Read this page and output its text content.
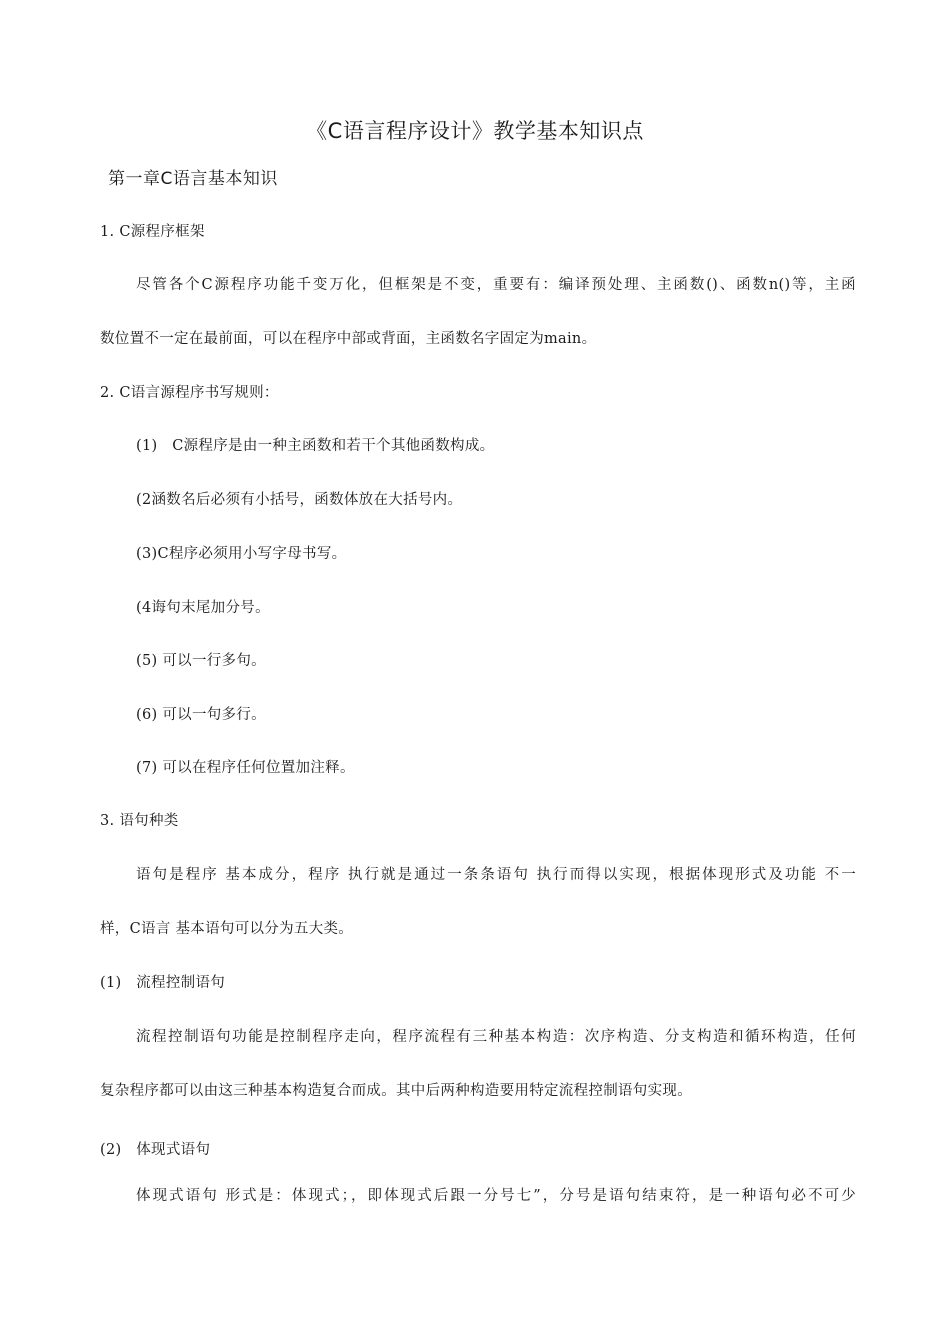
《C语言程序设计》教学基本知识点
第一章C语言基本知识
1. C源程序框架
尽管各个C源程序功能千变万化，但框架是不变，重要有：编译预处理、主函数()、函数n()等，主函
数位置不一定在最前面，可以在程序中部或背面，主函数名字固定为main。
2. C语言源程序书写规则：
(1)　C源程序是由一种主函数和若干个其他函数构成。
(2涵数名后必须有小括号，函数体放在大括号内。
(3)C程序必须用小写字母书写。
(4诲句末尾加分号。
(5) 可以一行多句。
(6) 可以一句多行。
(7) 可以在程序任何位置加注释。
3. 语句种类
语句是程序 基本成分，程序 执行就是通过一条条语句 执行而得以实现，根据体现形式及功能 不一
样，C语言 基本语句可以分为五大类。
(1)　流程控制语句
流程控制语句功能是控制程序走向，程序流程有三种基本构造：次序构造、分支构造和循环构造，任何
复杂程序都可以由这三种基本构造复合而成。其中后两种构造要用特定流程控制语句实现。
(2)　体现式语句
体现式语句 形式是：体现式；，即体现式后跟一分号七”，分号是语句结束符，是一种语句必不可少
